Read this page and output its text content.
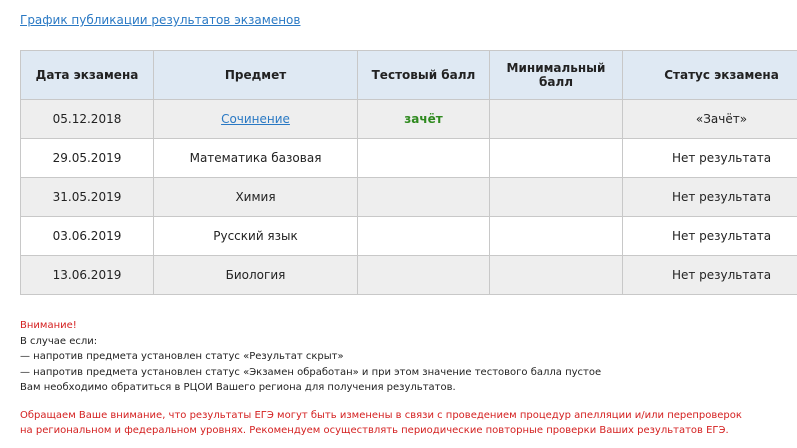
График публикации результатов экзаменов
Дата экзамена	Предмет	Тестовый балл	Минимальный балл	Статус экзамена
05.12.2018	Сочинение	зачёт		«Зачёт»
29.05.2019	Математика базовая			Нет результата
31.05.2019	Химия			Нет результата
03.06.2019	Русский язык			Нет результата
13.06.2019	Биология			Нет результата
Внимание!
В случае если:
— напротив предмета установлен статус «Результат скрыт»
— напротив предмета установлен статус «Экзамен обработан» и при этом значение тестового балла пустое
Вам необходимо обратиться в РЦОИ Вашего региона для получения результатов.
Обращаем Ваше внимание, что результаты ЕГЭ могут быть изменены в связи с проведением процедур апелляции и/или перепроверок
на региональном и федеральном уровнях. Рекомендуем осуществлять периодические повторные проверки Ваших результатов ЕГЭ.
